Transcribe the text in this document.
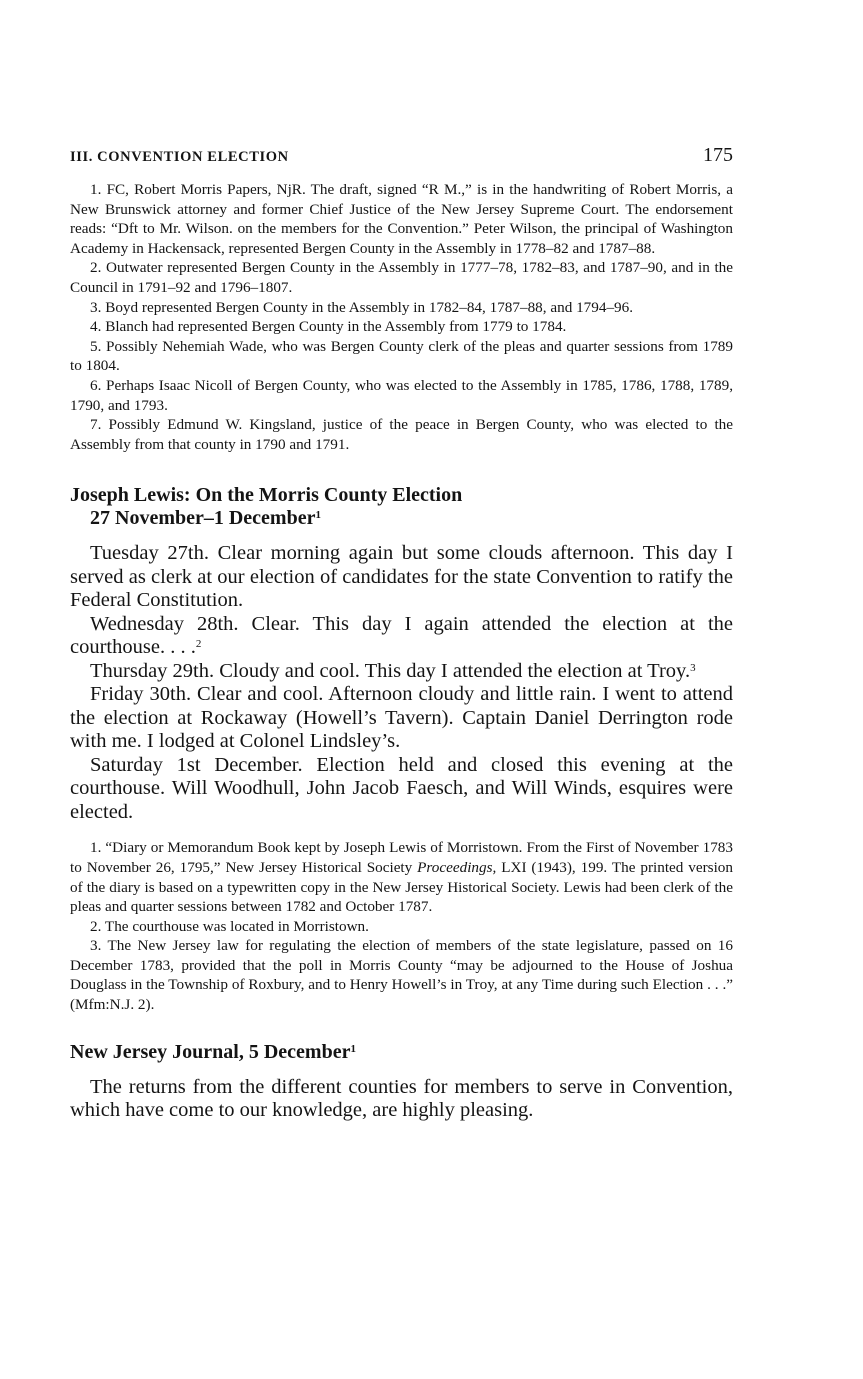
III. CONVENTION ELECTION	175

1. FC, Robert Morris Papers, NjR. The draft, signed “R M.,” is in the handwriting of Robert Morris, a New Brunswick attorney and former Chief Justice of the New Jersey Supreme Court. The endorsement reads: “Dft to Mr. Wilson. on the members for the Convention.” Peter Wilson, the principal of Washington Academy in Hackensack, represented Bergen County in the Assembly in 1778–82 and 1787–88.

2. Outwater represented Bergen County in the Assembly in 1777–78, 1782–83, and 1787–90, and in the Council in 1791–92 and 1796–1807.

3. Boyd represented Bergen County in the Assembly in 1782–84, 1787–88, and 1794–96.

4. Blanch had represented Bergen County in the Assembly from 1779 to 1784.

5. Possibly Nehemiah Wade, who was Bergen County clerk of the pleas and quarter sessions from 1789 to 1804.

6. Perhaps Isaac Nicoll of Bergen County, who was elected to the Assembly in 1785, 1786, 1788, 1789, 1790, and 1793.

7. Possibly Edmund W. Kingsland, justice of the peace in Bergen County, who was elected to the Assembly from that county in 1790 and 1791.

Joseph Lewis: On the Morris County Election
27 November–1 December$^1$

Tuesday 27th. Clear morning again but some clouds afternoon. This day I served as clerk at our election of candidates for the state Convention to ratify the Federal Constitution.

Wednesday 28th. Clear. This day I again attended the election at the courthouse. . . .$^2$

Thursday 29th. Cloudy and cool. This day I attended the election at Troy.$^3$

Friday 30th. Clear and cool. Afternoon cloudy and little rain. I went to attend the election at Rockaway (Howell’s Tavern). Captain Daniel Derrington rode with me. I lodged at Colonel Lindsley’s.

Saturday 1st December. Election held and closed this evening at the courthouse. Will Woodhull, John Jacob Faesch, and Will Winds, esquires were elected.

1. “Diary or Memorandum Book kept by Joseph Lewis of Morristown. From the First of November 1783 to November 26, 1795,” New Jersey Historical Society Proceedings, LXI (1943), 199. The printed version of the diary is based on a typewritten copy in the New Jersey Historical Society. Lewis had been clerk of the pleas and quarter sessions between 1782 and October 1787.

2. The courthouse was located in Morristown.

3. The New Jersey law for regulating the election of members of the state legislature, passed on 16 December 1783, provided that the poll in Morris County “may be adjourned to the House of Joshua Douglass in the Township of Roxbury, and to Henry Howell’s in Troy, at any Time during such Election . . .” (Mfm:N.J. 2).

New Jersey Journal, 5 December$^1$

The returns from the different counties for members to serve in Convention, which have come to our knowledge, are highly pleasing.
